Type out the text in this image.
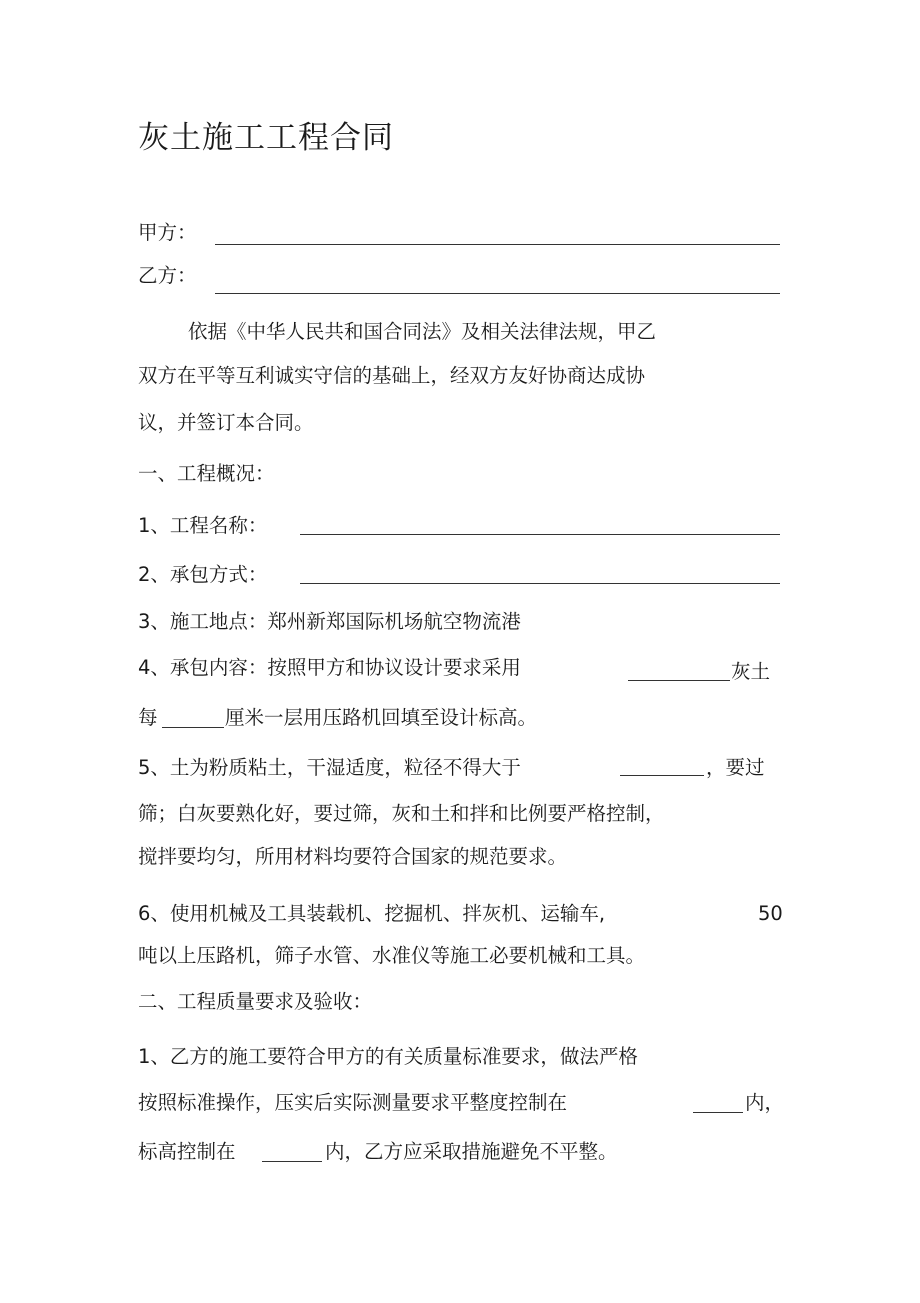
灰土施工工程合同
甲方：
乙方：
依据《中华人民共和国合同法》及相关法律法规，甲乙
双方在平等互利诚实守信的基础上，经双方友好协商达成协
议，并签订本合同。
一、工程概况：
1、工程名称：
2、承包方式：
3、施工地点：郑州新郑国际机场航空物流港
4、承包内容：按照甲方和协议设计要求采用	灰土
每	厘米一层用压路机回填至设计标高。
5、土为粉质粘土，干湿适度，粒径不得大于	，要过
筛；白灰要熟化好，要过筛，灰和土和拌和比例要严格控制，
搅拌要均匀，所用材料均要符合国家的规范要求。
6、使用机械及工具装载机、挖掘机、拌灰机、运输车,	50
吨以上压路机，筛子水管、水准仪等施工必要机械和工具。
二、工程质量要求及验收：
1、乙方的施工要符合甲方的有关质量标准要求，做法严格
按照标准操作，压实后实际测量要求平整度控制在	内，
标高控制在	内，乙方应采取措施避免不平整。
